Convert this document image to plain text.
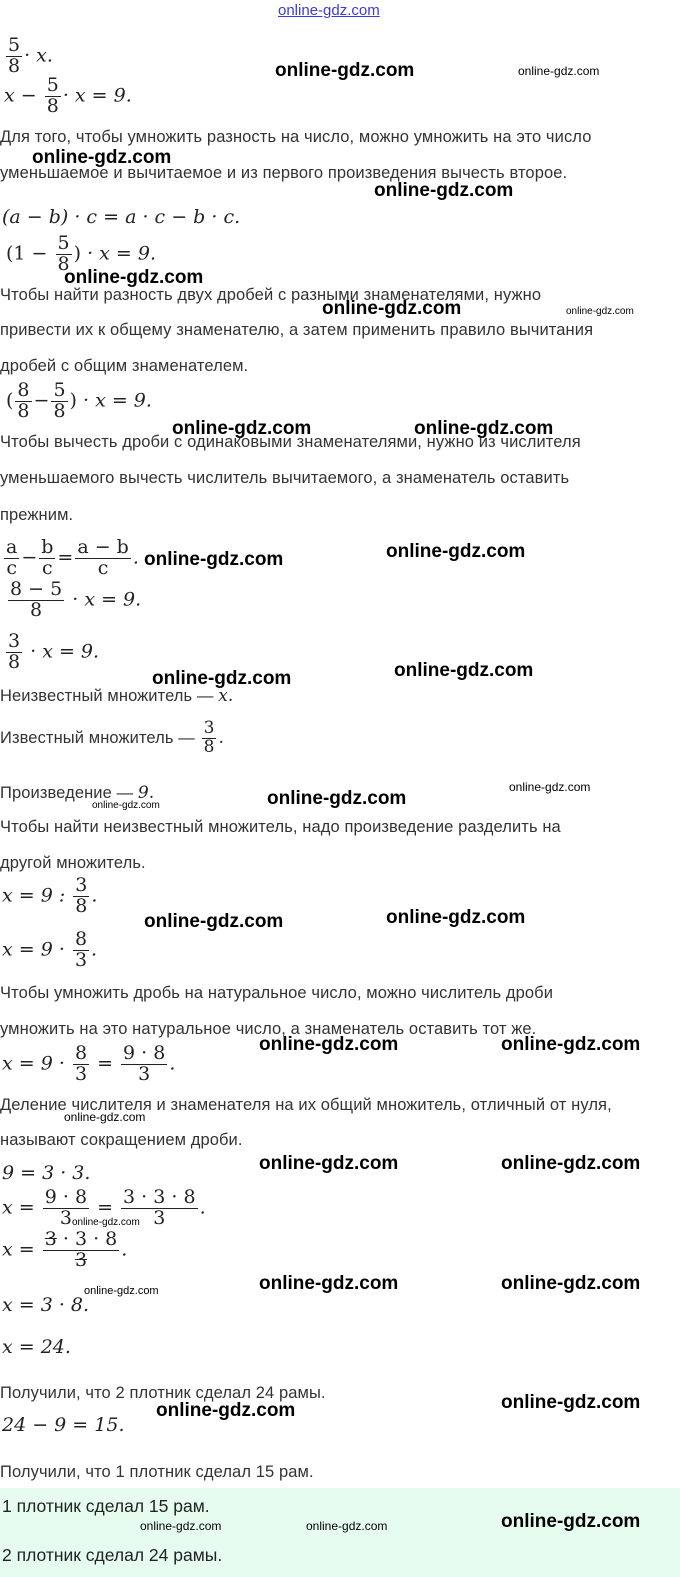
online-gdz.com
$\frac{5}{8} \cdot x$.
$x - \frac{5}{8} \cdot x = 9$.
Для того, чтобы умножить разность на число, можно умножить на это число
уменьшаемое и вычитаемое и из первого произведения вычесть второе.
(a − b) · c = a · c − b · c.
($1 - \frac{5}{8}$ ) · x = 9.
Чтобы найти разность двух дробей с разными знаменателями, нужно
привести их к общему знаменателю, а затем применить правило вычитания
дробей с общим знаменателем.
( $\frac{8}{8} - \frac{5}{8}$ ) · x = 9.
Чтобы вычесть дроби с одинаковыми знаменателями, нужно из числителя
уменьшаемого вычесть числитель вычитаемого, а знаменатель оставить
прежним.
$\frac{a}{c} - \frac{b}{c} = \frac{a - b}{c}$ .
$\frac{8 - 5}{8} \cdot x = 9$.
$\frac{3}{8} \cdot x = 9$.
Неизвестный множитель — x.
Известный множитель — $\frac{3}{8}$ .
Произведение — 9.
Чтобы найти неизвестный множитель, надо произведение разделить на
другой множитель.
x = 9 : $\frac{3}{8}$ .
$x = 9 \cdot \frac{8}{3}$ .
Чтобы умножить дробь на натуральное число, можно числитель дроби
умножить на это натуральное число, а знаменатель оставить тот же.
$x = 9 \cdot \frac{8}{3} = \frac{9 \cdot 8}{3}$ .
Деление числителя и знаменателя на их общий множитель, отличный от нуля,
называют сокращением дроби.
9 = 3 · 3.
$x = \frac{9 \cdot 8}{3} = \frac{3 \cdot 3 \cdot 8}{3}$ .
$x = \frac{3 \cdot 3 \cdot 8}{3}$ .
x = 3 · 8.
x = 24.
Получили, что 2 плотник сделал 24 рамы.
24 − 9 = 15.
Получили, что 1 плотник сделал 15 рам.
1 плотник сделал 15 рам.
2 плотник сделал 24 рамы.
online-gdz.com	online-gdz.com
online-gdz.com
online-gdz.com
online-gdz.com
online-gdz.com
online-gdz.com
online-gdz.com	online-gdz.com
online-gdz.com	online-gdz.com
online-gdz.com
online-gdz.com
online-gdz.com
online-gdz.com
online-gdz.com
online-gdz.com	online-gdz.com
online-gdz.com	online-gdz.com
online-gdz.com
online-gdz.com	online-gdz.com
online-gdz.com
online-gdz.com	online-gdz.com
online-gdz.com
online-gdz.com	online-gdz.com
online-gdz.com	online-gdz.com	online-gdz.com
